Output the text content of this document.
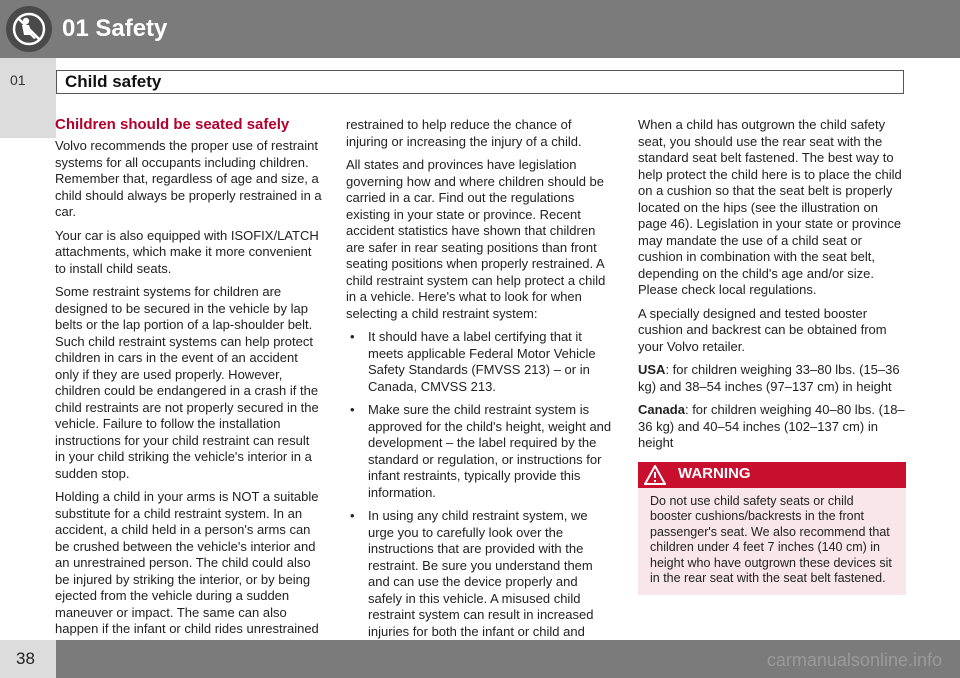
01 Safety
01 Child safety
Children should be seated safely

Volvo recommends the proper use of restraint systems for all occupants including children. Remember that, regardless of age and size, a child should always be properly restrained in a car.

Your car is also equipped with ISOFIX/LATCH attachments, which make it more convenient to install child seats.

Some restraint systems for children are designed to be secured in the vehicle by lap belts or the lap portion of a lap-shoulder belt. Such child restraint systems can help protect children in cars in the event of an accident only if they are used properly. However, children could be endangered in a crash if the child restraints are not properly secured in the vehicle. Failure to follow the installation instructions for your child restraint can result in your child striking the vehicle's interior in a sudden stop.

Holding a child in your arms is NOT a suitable substitute for a child restraint system. In an accident, a child held in a person's arms can be crushed between the vehicle's interior and an unrestrained person. The child could also be injured by striking the interior, or by being ejected from the vehicle during a sudden maneuver or impact. The same can also happen if the infant or child rides unrestrained

restrained to help reduce the chance of injuring or increasing the injury of a child.

All states and provinces have legislation governing how and where children should be carried in a car. Find out the regulations existing in your state or province. Recent accident statistics have shown that children are safer in rear seating positions than front seating positions when properly restrained. A child restraint system can help protect a child in a vehicle. Here's what to look for when selecting a child restraint system:

• It should have a label certifying that it meets applicable Federal Motor Vehicle Safety Standards (FMVSS 213) – or in Canada, CMVSS 213.
• Make sure the child restraint system is approved for the child's height, weight and development – the label required by the standard or regulation, or instructions for infant restraints, typically provide this information.
• In using any child restraint system, we urge you to carefully look over the instructions that are provided with the restraint. Be sure you understand them and can use the device properly and safely in this vehicle. A misused child restraint system can result in increased injuries for both the infant or child and

When a child has outgrown the child safety seat, you should use the rear seat with the standard seat belt fastened. The best way to help protect the child here is to place the child on a cushion so that the seat belt is properly located on the hips (see the illustration on page 46). Legislation in your state or province may mandate the use of a child seat or cushion in combination with the seat belt, depending on the child's age and/or size. Please check local regulations.

A specially designed and tested booster cushion and backrest can be obtained from your Volvo retailer.

USA: for children weighing 33–80 lbs. (15–36 kg) and 38–54 inches (97–137 cm) in height

Canada: for children weighing 40–80 lbs. (18–36 kg) and 40–54 inches (102–137 cm) in height

WARNING
Do not use child safety seats or child booster cushions/backrests in the front passenger's seat. We also recommend that children under 4 feet 7 inches (140 cm) in height who have outgrown these devices sit in the rear seat with the seat belt fastened.
38	carmanualsonline.info
